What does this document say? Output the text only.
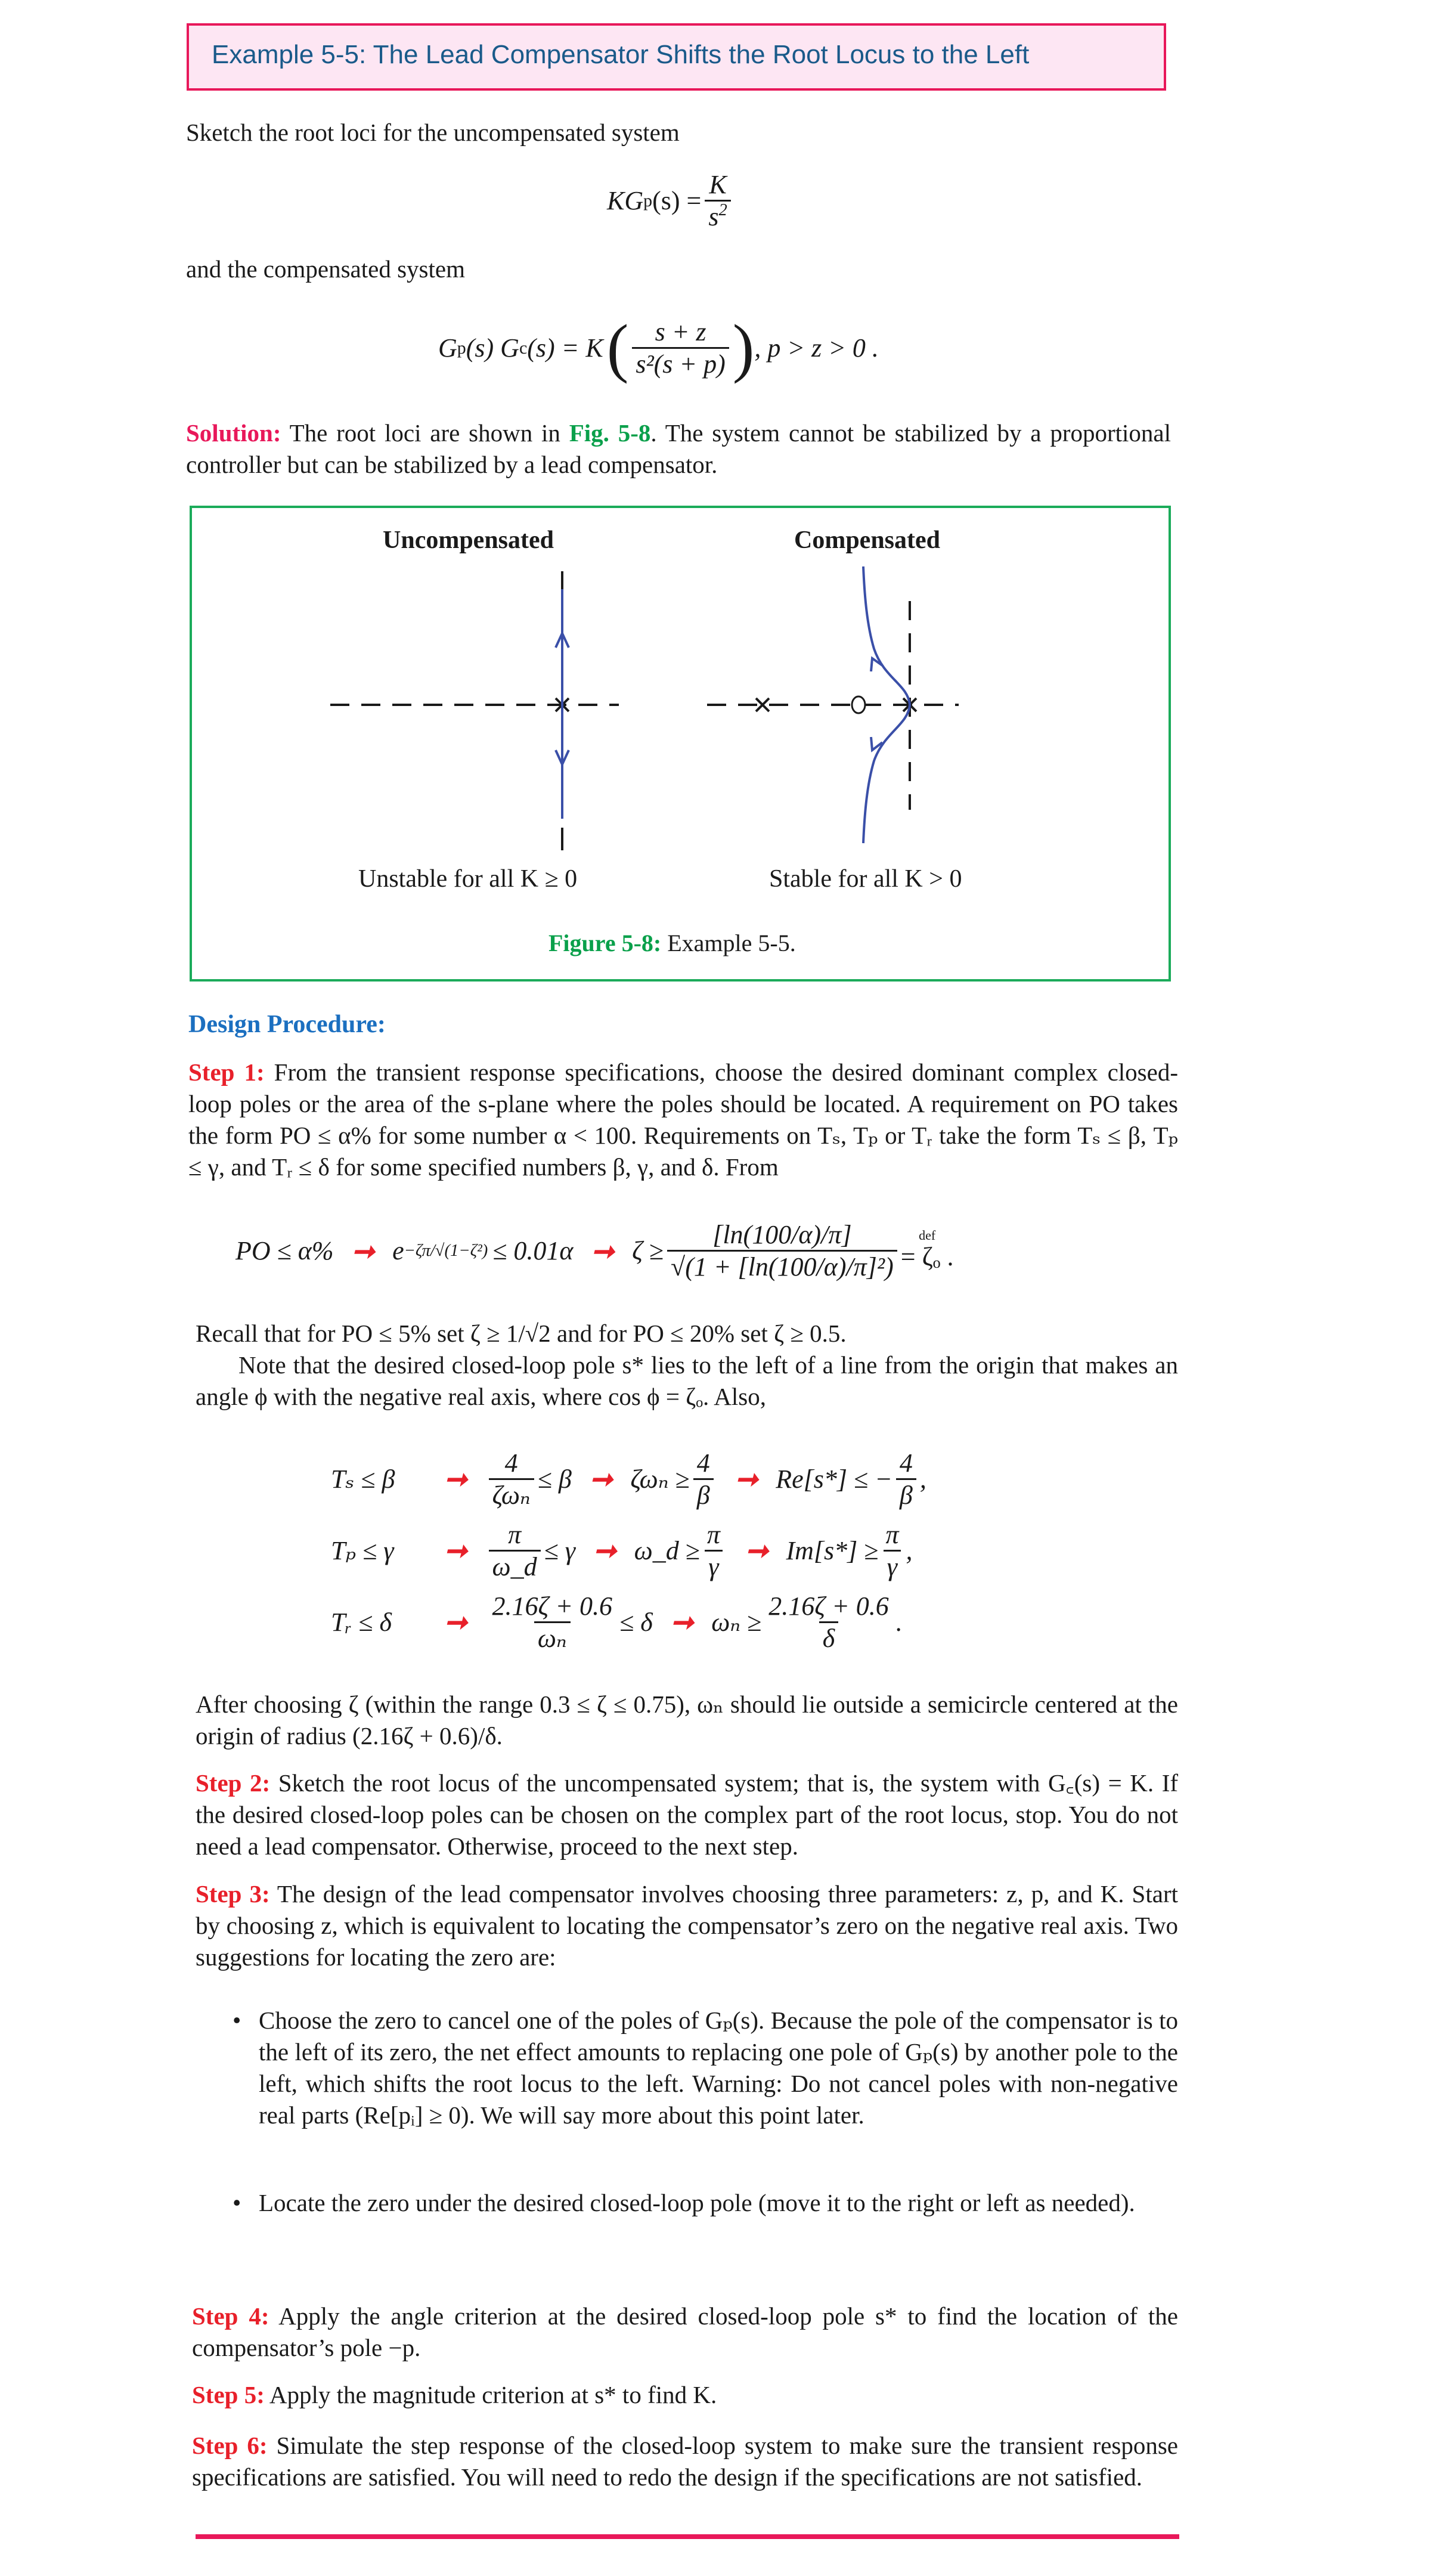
Example 5-5: The Lead Compensator Shifts the Root Locus to the Left
Sketch the root loci for the uncompensated system
KG p $(s) = \frac{K}{s^2}$
and the compensated system
G p (s) G c (s) = K ( $\frac{s + z}{\text{s²(s + p)}}$ ) , p > z > 0 .
Solution: The root loci are shown in Fig. 5-8. The system cannot be stabilized by a proportional controller but can be stabilized by a lead compensator.
Uncompensated	Compensated
Unstable for all K ≥ 0	Stable for all K > 0
Figure 5-8: Example 5-5.
Design Procedure:
Step 1: From the transient response specifications, choose the desired dominant complex closed-loop poles or the area of the s-plane where the poles should be located. A requirement on PO takes the form PO ≤ α% for some number α < 100. Requirements on Tₛ, Tₚ or Tᵣ take the form Tₛ ≤ β, Tₚ ≤ γ, and Tᵣ ≤ δ for some specified numbers β, γ, and δ. From
PO ≤ α% ➞ e −ζπ/√(1−ζ²) ≤ 0.01α ➞ $\zeta \ge \frac{[\ln(100/\alpha)/\pi]}{\text{√(1 + [ln(100/α)/π]²)}}$ def
= ζₒ .
Recall that for PO ≤ 5% set ζ ≥ 1/√2 and for PO ≤ 20% set ζ ≥ 0.5.
Note that the desired closed-loop pole s* lies to the left of a line from the origin that makes an angle ϕ with the negative real axis, where cos ϕ = ζₒ. Also,
Tₛ ≤ β	➞ $\frac{4}{\text{ζωₙ}} \le \beta$ ➞ $\zeta\omega_n \ge \frac{4}{\beta}$ ➞ Re[s*] ≤ − $\frac{4}{\beta}$ ,
Tₚ ≤ γ	➞ $\frac{\pi}{\omega\_d} \le \gamma$ ➞ ω_d ≥ $\frac{\pi}{\gamma}$ ➞ $Im[s*] \ge \frac{\pi}{\gamma}$ ,
Tᵣ ≤ δ	➞ $\frac{2.16\zeta + 0.6}{\text{ωₙ}} \le \delta$ ➞ $\omega_n \ge \frac{2.16\zeta + 0.6}{\delta}$ .
After choosing ζ (within the range 0.3 ≤ ζ ≤ 0.75), ωₙ should lie outside a semicircle centered at the origin of radius (2.16ζ + 0.6)/δ.
Step 2: Sketch the root locus of the uncompensated system; that is, the system with G꜀(s) = K. If the desired closed-loop poles can be chosen on the complex part of the root locus, stop. You do not need a lead compensator. Otherwise, proceed to the next step.
Step 3: The design of the lead compensator involves choosing three parameters: z, p, and K. Start by choosing z, which is equivalent to locating the compensator’s zero on the negative real axis. Two suggestions for locating the zero are:
• Choose the zero to cancel one of the poles of Gₚ(s). Because the pole of the compensator is to the left of its zero, the net effect amounts to replacing one pole of Gₚ(s) by another pole to the left, which shifts the root locus to the left. Warning: Do not cancel poles with non-negative real parts (Re[pᵢ] ≥ 0). We will say more about this point later.
• Locate the zero under the desired closed-loop pole (move it to the right or left as needed).
Step 4: Apply the angle criterion at the desired closed-loop pole s* to find the location of the compensator’s pole −p.
Step 5: Apply the magnitude criterion at s* to find K.
Step 6: Simulate the step response of the closed-loop system to make sure the transient response specifications are satisfied. You will need to redo the design if the specifications are not satisfied.
